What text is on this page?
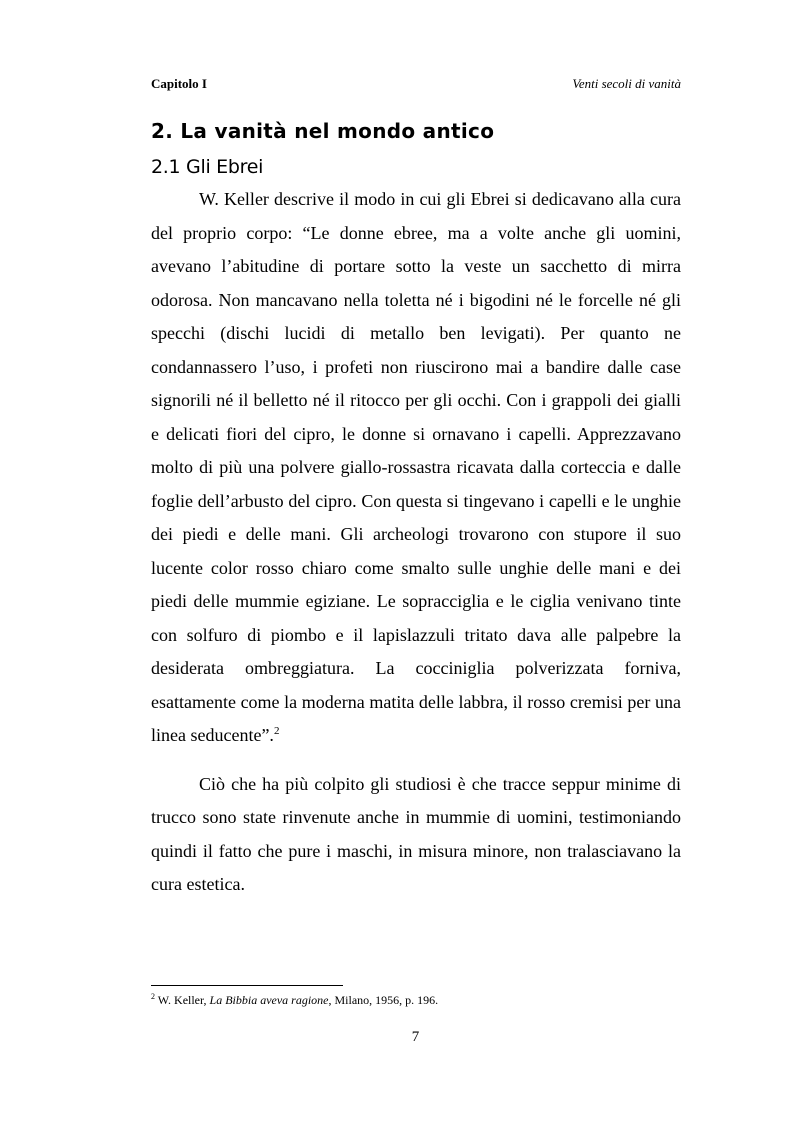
Capitolo I	Venti secoli di vanità
2. La vanità nel mondo antico
2.1 Gli Ebrei

W. Keller descrive il modo in cui gli Ebrei si dedicavano alla cura del proprio corpo: “Le donne ebree, ma a volte anche gli uomini, avevano l’abitudine di portare sotto la veste un sacchetto di mirra odorosa. Non mancavano nella toletta né i bigodini né le forcelle né gli specchi (dischi lucidi di metallo ben levigati). Per quanto ne condannassero l’uso, i profeti non riuscirono mai a bandire dalle case signorili né il belletto né il ritocco per gli occhi. Con i grappoli dei gialli e delicati fiori del cipro, le donne si ornavano i capelli. Apprezzavano molto di più una polvere giallo-rossastra ricavata dalla corteccia e dalle foglie dell’arbusto del cipro. Con questa si tingevano i capelli e le unghie dei piedi e delle mani. Gli archeologi trovarono con stupore il suo lucente color rosso chiaro come smalto sulle unghie delle mani e dei piedi delle mummie egiziane. Le sopracciglia e le ciglia venivano tinte con solfuro di piombo e il lapislazzuli tritato dava alle palpebre la desiderata ombreggiatura. La cocciniglia polverizzata forniva, esattamente come la moderna matita delle labbra, il rosso cremisi per una linea seducente”.$^2$

Ciò che ha più colpito gli studiosi è che tracce seppur minime di trucco sono state rinvenute anche in mummie di uomini, testimoniando quindi il fatto che pure i maschi, in misura minore, non tralasciavano la cura estetica.

$^2$ W. Keller, La Bibbia aveva ragione, Milano, 1956, p. 196.
7
